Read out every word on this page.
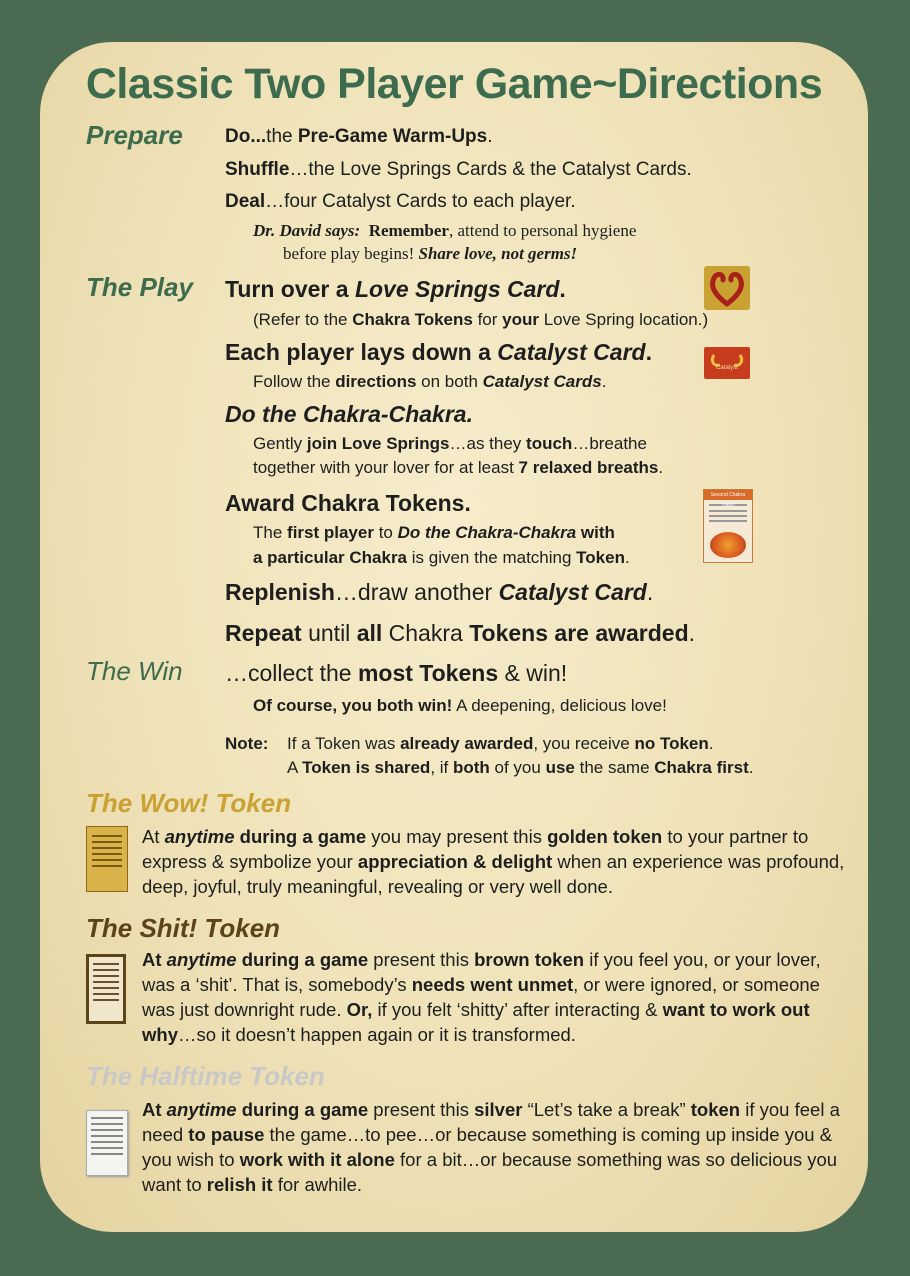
Classic Two Player Game~Directions
Prepare Do...the Pre-Game Warm-Ups.
Shuffle…the Love Springs Cards & the Catalyst Cards.
Deal…four Catalyst Cards to each player.
Dr. David says: Remember, attend to personal hygiene
before play begins! Share love, not germs!
The Play Turn over a Love Springs Card.
(Refer to the Chakra Tokens for your Love Spring location.)
Each player lays down a Catalyst Card.
Follow the directions on both Catalyst Cards.
Catalyst
Do the Chakra-Chakra.
Gently join Love Springs…as they touch…breathe
together with your lover for at least 7 relaxed breaths.
Award Chakra Tokens.
The first player to Do the Chakra-Chakra with
a particular Chakra is given the matching Token.
Second Chakra Token
Replenish…draw another Catalyst Card.
Repeat until all Chakra Tokens are awarded.
The Win …collect the most Tokens & win!
Of course, you both win! A deepening, delicious love!
Note: If a Token was already awarded, you receive no Token.
A Token is shared, if both of you use the same Chakra first.
The Wow! Token
At anytime during a game you may present this golden token to your partner to express & symbolize your appreciation & delight when an experience was profound, deep, joyful, truly meaningful, revealing or very well done.
The Shit! Token
At anytime during a game present this brown token if you feel you, or your lover, was a ‘shit’. That is, somebody’s needs went unmet, or were ignored, or someone was just downright rude. Or, if you felt ‘shitty’ after interacting & want to work out why…so it doesn’t happen again or it is transformed.
The Halftime Token
At anytime during a game present this silver “Let’s take a break” token if you feel a need to pause the game…to pee…or because something is coming up inside you & you wish to work with it alone for a bit…or because something was so delicious you want to relish it for awhile.
